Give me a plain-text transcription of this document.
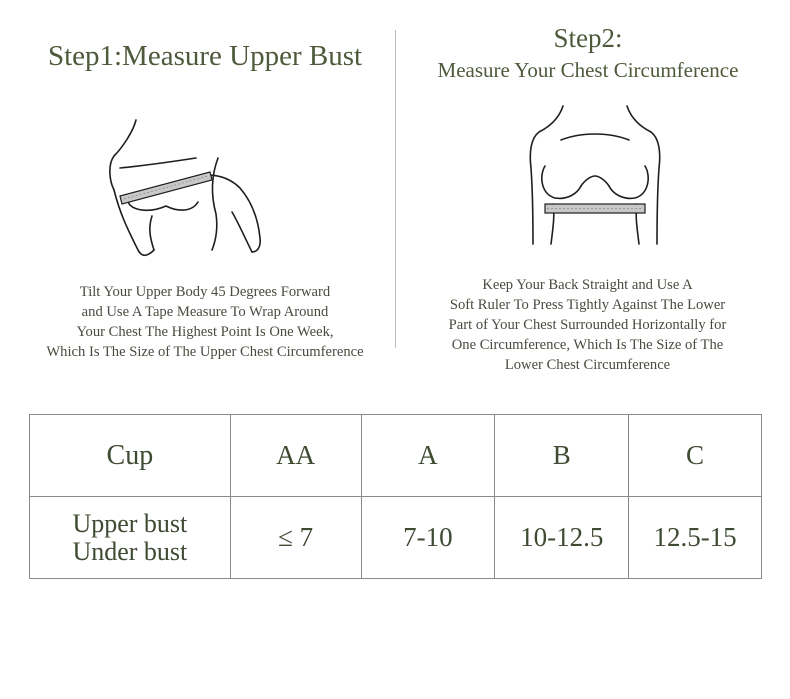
Step1:Measure Upper Bust
Step2:
Measure Your Chest Circumference
Tilt Your Upper Body 45 Degrees Forward
and Use A Tape Measure To Wrap Around
Your Chest The Highest Point Is One Week,
Which Is The Size of The Upper Chest Circumference
Keep Your Back Straight and Use A
Soft Ruler To Press Tightly Against The Lower
Part of Your Chest Surrounded Horizontally for
One Circumference, Which Is The Size of The
Lower Chest Circumference
Cup	AA	A	B	C

Upper bust
Under bust	≤ 7	7-10	10-12.5	12.5-15
